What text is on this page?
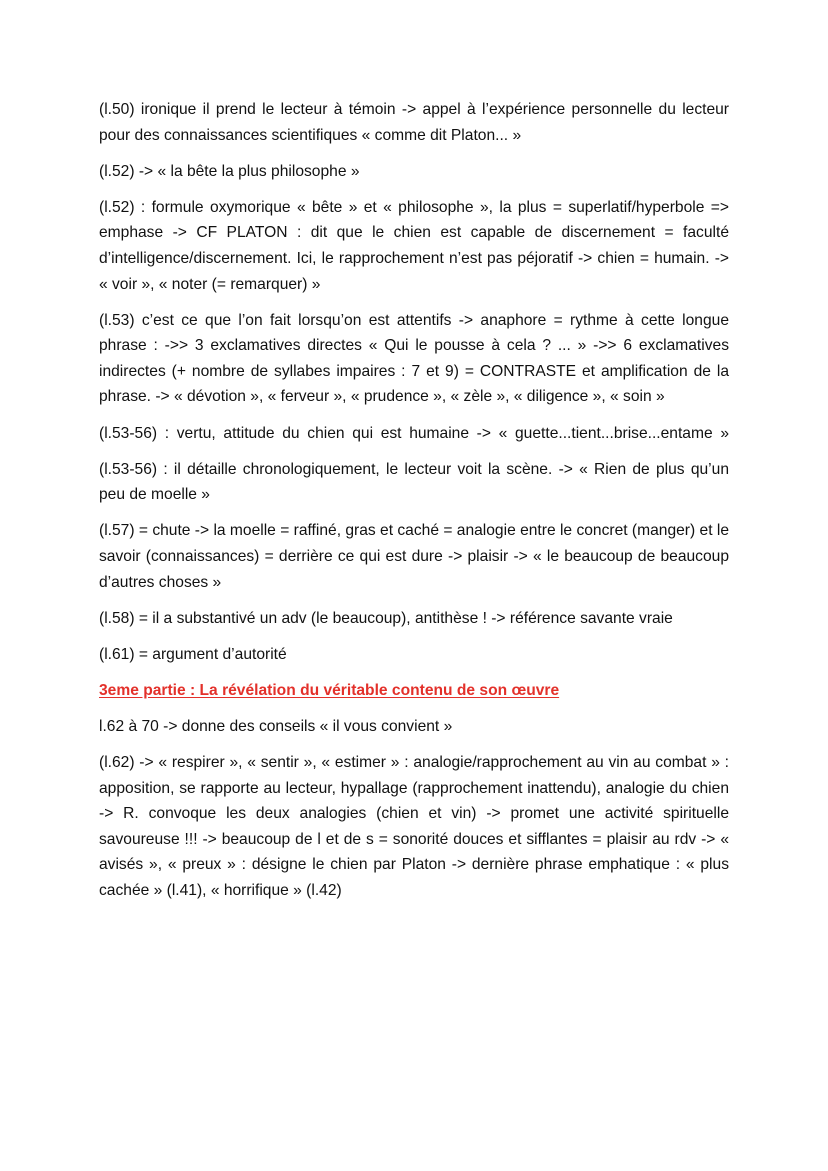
(l.50) ironique il prend le lecteur à témoin -> appel à l’expérience personnelle du lecteur pour des connaissances scientifiques « comme dit Platon... »

(l.52) -> « la bête la plus philosophe »

(l.52) : formule oxymorique « bête » et « philosophe », la plus = superlatif/hyperbole => emphase -> CF PLATON : dit que le chien est capable de discernement = faculté d’intelligence/discernement. Ici, le rapprochement n’est pas péjoratif -> chien = humain. -> « voir », « noter (= remarquer) »

(l.53) c’est ce que l’on fait lorsqu’on est attentifs -> anaphore = rythme à cette longue phrase : ->> 3 exclamatives directes « Qui le pousse à cela ? ... » ->> 6 exclamatives indirectes (+ nombre de syllabes impaires : 7 et 9) = CONTRASTE et amplification de la phrase. -> « dévotion », « ferveur », « prudence », « zèle », « diligence », « soin »

(l.53-56) : vertu, attitude du chien qui est humaine -> « guette...tient...brise...entame »

(l.53-56) : il détaille chronologiquement, le lecteur voit la scène. -> « Rien de plus qu’un peu de moelle »

(l.57) = chute -> la moelle = raffiné, gras et caché = analogie entre le concret (manger) et le savoir (connaissances) = derrière ce qui est dure -> plaisir -> « le beaucoup de beaucoup d’autres choses »

(l.58) = il a substantivé un adv (le beaucoup), antithèse ! -> référence savante vraie

(l.61) = argument d’autorité

3eme partie : La révélation du véritable contenu de son œuvre

l.62 à 70 -> donne des conseils « il vous convient »

(l.62) -> « respirer », « sentir », « estimer » : analogie/rapprochement au vin au combat » : apposition, se rapporte au lecteur, hypallage (rapprochement inattendu), analogie du chien -> R. convoque les deux analogies (chien et vin) -> promet une activité spirituelle savoureuse !!! -> beaucoup de l et de s = sonorité douces et sifflantes = plaisir au rdv -> « avisés », « preux » : désigne le chien par Platon -> dernière phrase emphatique : « plus cachée » (l.41), « horrifique » (l.42)
